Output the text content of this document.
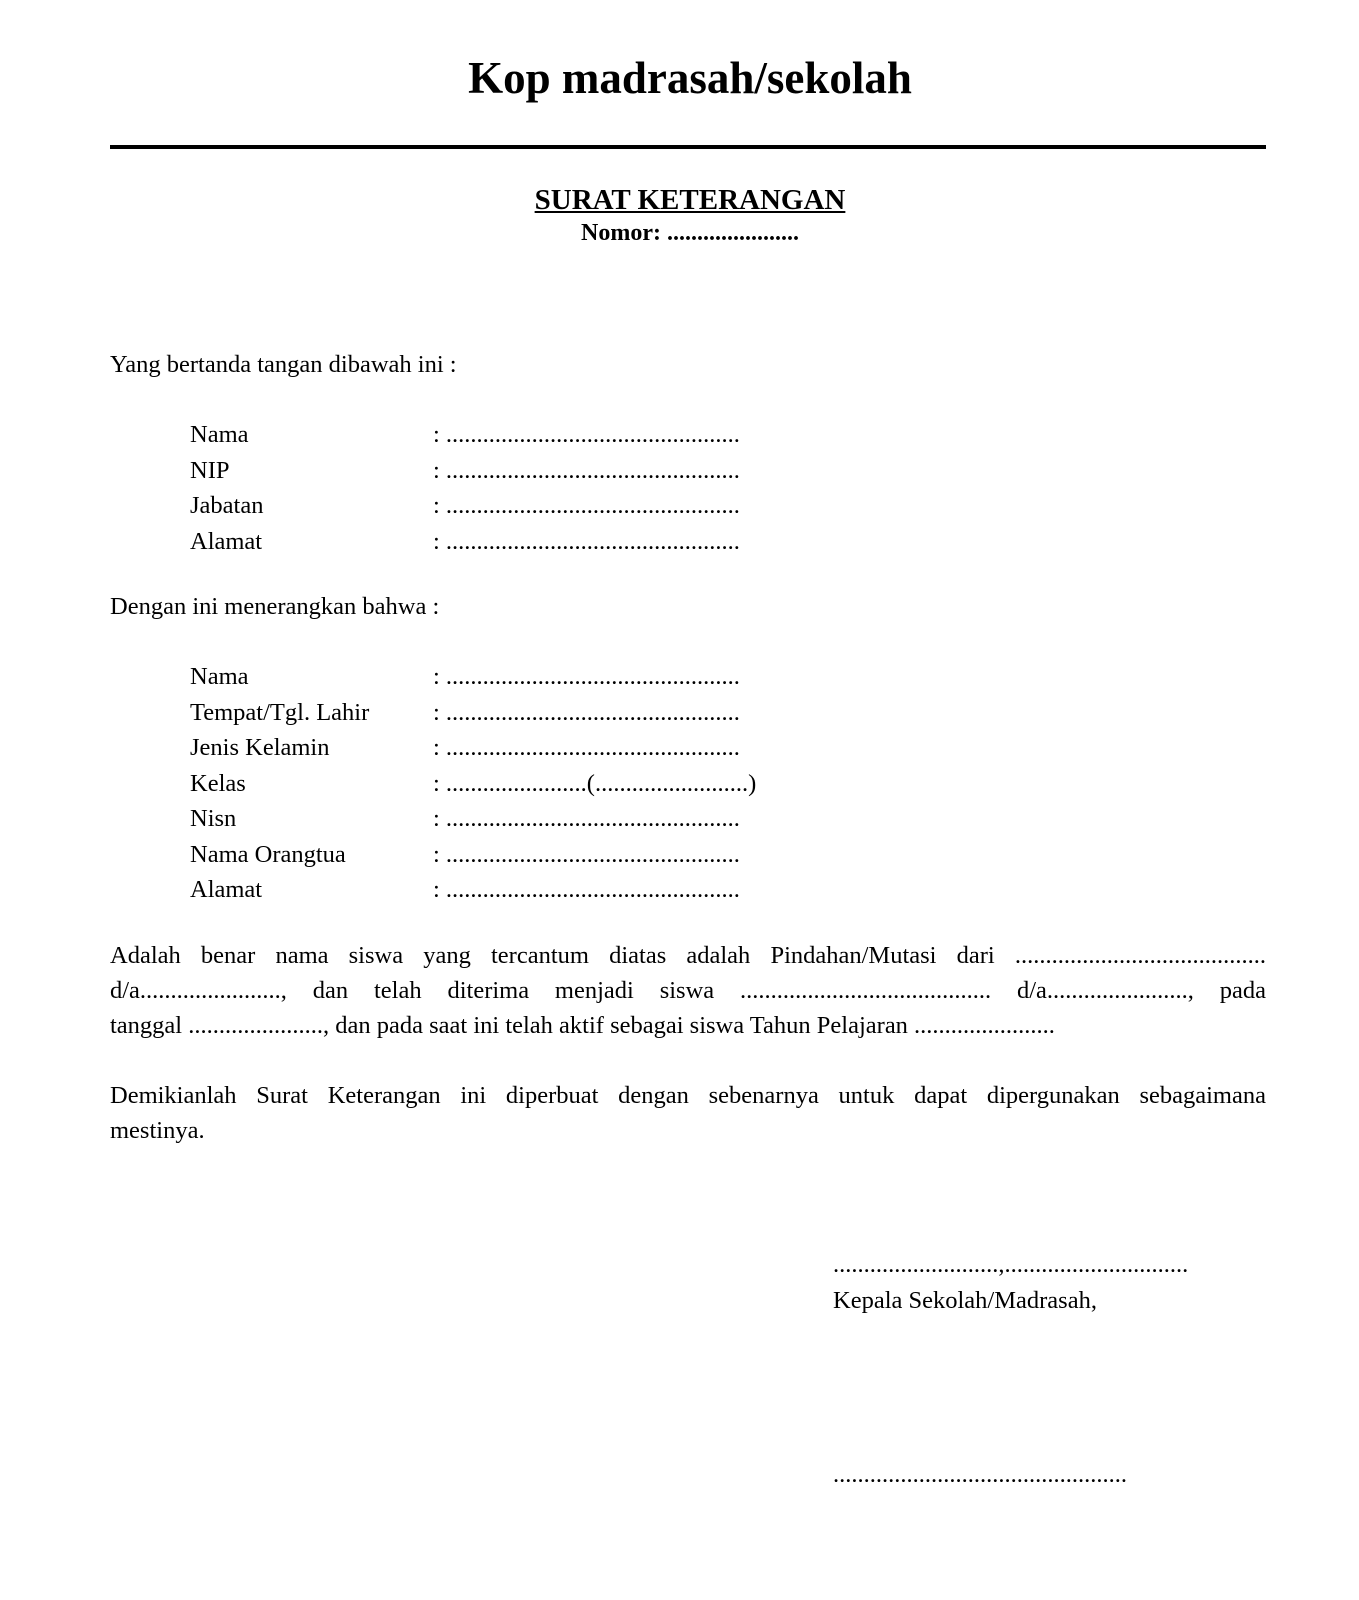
Kop madrasah/sekolah
SURAT KETERANGAN
Nomor: ......................
Yang bertanda tangan dibawah ini :
Nama	: ................................................
NIP	: ................................................
Jabatan	: ................................................
Alamat	: ................................................
Dengan ini menerangkan bahwa :
Nama	: ................................................
Tempat/Tgl. Lahir	: ................................................
Jenis Kelamin	: ................................................
Kelas	: .......................(.........................)
Nisn	: ................................................
Nama Orangtua	: ................................................
Alamat	: ................................................
Adalah benar nama siswa yang tercantum diatas adalah Pindahan/Mutasi dari .........................................
d/a......................., dan telah diterima menjadi siswa ......................................... d/a......................., pada
tanggal ......................, dan pada saat ini telah aktif sebagai siswa Tahun Pelajaran .......................
Demikianlah Surat Keterangan ini diperbuat dengan sebenarnya untuk dapat dipergunakan sebagaimana
mestinya.
...........................,..............................
Kepala Sekolah/Madrasah,
................................................
